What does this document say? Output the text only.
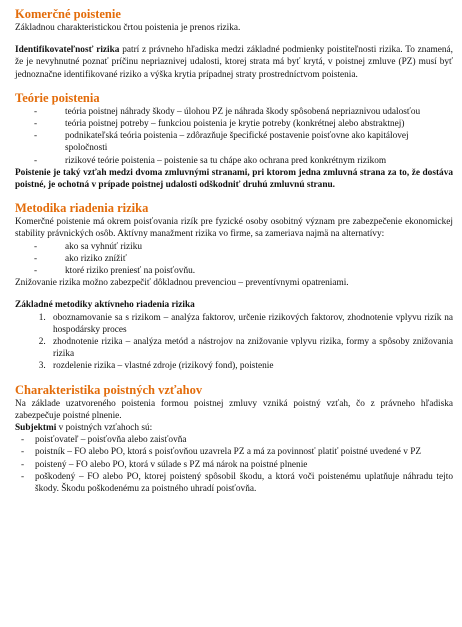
Komerčné poistenie

Základnou charakteristickou črtou poistenia je prenos rizika.

Identifikovateľnosť rizika patrí z právneho hľadiska medzi základné podmienky poistiteľnosti rizika. To znamená, že je nevyhnutné poznať príčinu nepriaznivej udalosti, ktorej strata má byť krytá, v poistnej zmluve (PZ) musí byť jednoznačne identifikované riziko a výška krytia prípadnej straty prostredníctvom poistenia.

Teórie poistenia
- teória poistnej náhrady škody – úlohou PZ je náhrada škody spôsobená nepriaznivou udalosťou
- teória poistnej potreby – funkciou poistenia je krytie potreby (konkrétnej alebo abstraktnej)
- podnikateľská teória poistenia – zdôrazňuje špecifické postavenie poisťovne ako kapitálovej spoločnosti
- rizikové teórie poistenia – poistenie sa tu chápe ako ochrana pred konkrétnym rizikom

Poistenie je taký vzťah medzi dvoma zmluvnými stranami, pri ktorom jedna zmluvná strana za to, že dostáva poistné, je ochotná v prípade poistnej udalosti odškodniť druhú zmluvnú stranu.

Metodika riadenia rizika

Komerčné poistenie má okrem poisťovania rizík pre fyzické osoby osobitný význam pre zabezpečenie ekonomickej stability právnických osôb. Aktívny manažment rizika vo firme, sa zameriava najmä na alternatívy:

- ako sa vyhnúť riziku
- ako riziko znížiť
- ktoré riziko preniesť na poisťovňu.

Znižovanie rizika možno zabezpečiť dôkladnou prevenciou – preventívnymi opatreniami.

Základné metodiky aktívneho riadenia rizika

1. oboznamovanie sa s rizikom – analýza faktorov, určenie rizikových faktorov, zhodnotenie vplyvu rizík na hospodársky proces
2. zhodnotenie rizika – analýza metód a nástrojov na znižovanie vplyvu rizika, formy a spôsoby znižovania rizika
3. rozdelenie rizika – vlastné zdroje (rizikový fond), poistenie
Charakteristika poistných vzťahov

Na základe uzatvoreného poistenia formou poistnej zmluvy vzniká poistný vzťah, čo z právneho hľadiska zabezpečuje poistné plnenie.

Subjektmi v poistných vzťahoch sú:

- poisťovateľ – poisťovňa alebo zaisťovňa
- poistník – FO alebo PO, ktorá s poisťovňou uzavrela PZ a má za povinnosť platiť poistné uvedené v PZ
- poistený – FO alebo PO, ktorá v súlade s PZ má nárok na poistné plnenie
- poškodený – FO alebo PO, ktorej poistený spôsobil škodu, a ktorá voči poistenému uplatňuje náhradu tejto škody. Škodu poškodenému za poistného uhradí poisťovňa.
